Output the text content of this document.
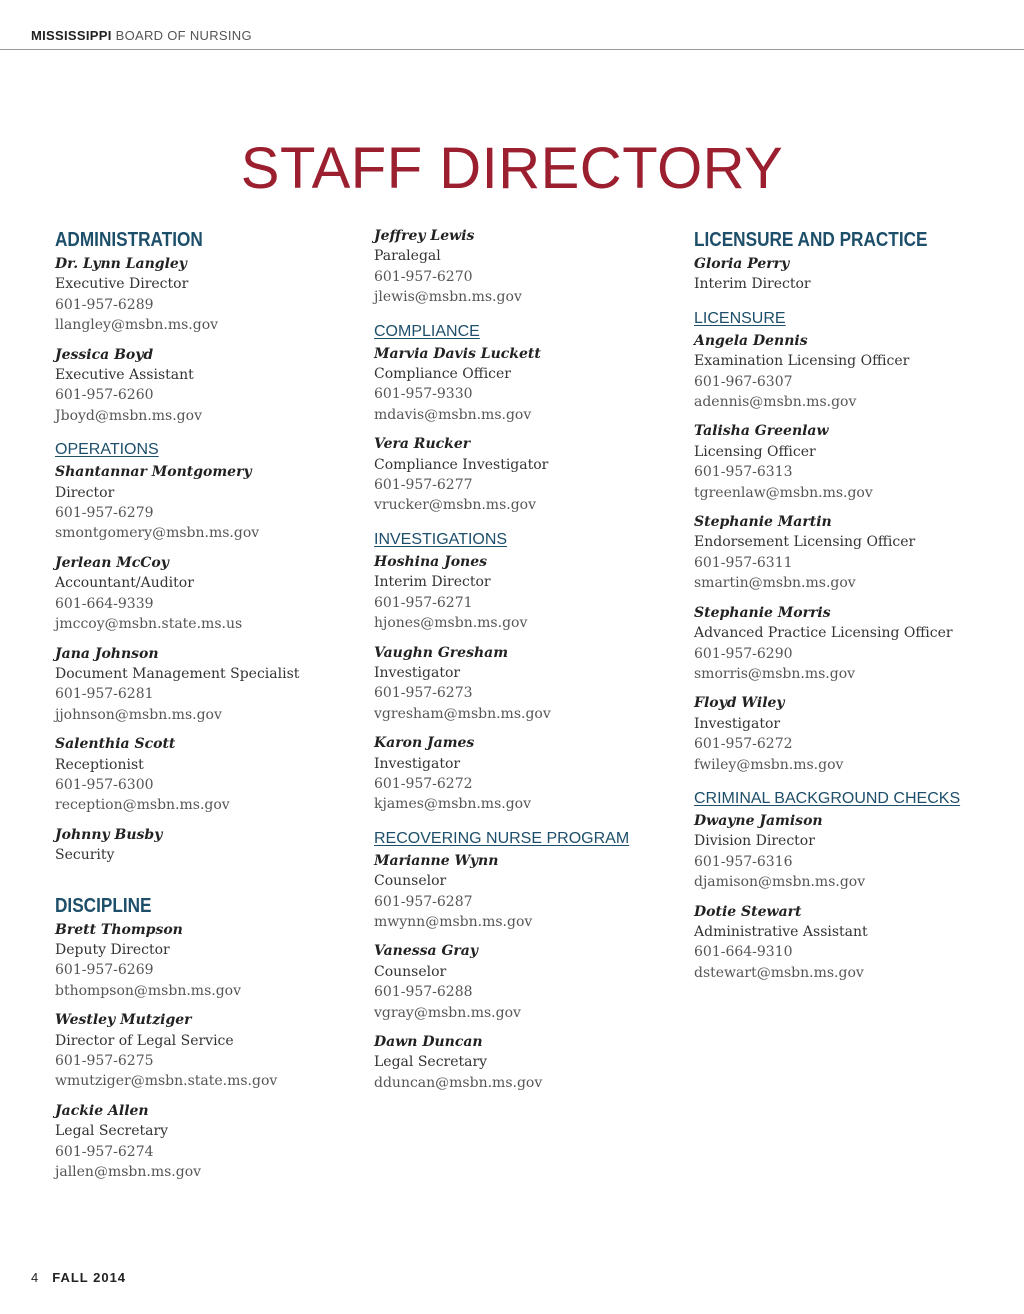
MISSISSIPPI BOARD OF NURSING
STAFF DIRECTORY
ADMINISTRATION
Dr. Lynn Langley
Executive Director
601-957-6289
llangley@msbn.ms.gov
Jessica Boyd
Executive Assistant
601-957-6260
Jboyd@msbn.ms.gov
OPERATIONS
Shantannar Montgomery
Director
601-957-6279
smontgomery@msbn.ms.gov
Jerlean McCoy
Accountant/Auditor
601-664-9339
jmccoy@msbn.state.ms.us
Jana Johnson
Document Management Specialist
601-957-6281
jjohnson@msbn.ms.gov
Salenthia Scott
Receptionist
601-957-6300
reception@msbn.ms.gov
Johnny Busby
Security
DISCIPLINE
Brett Thompson
Deputy Director
601-957-6269
bthompson@msbn.ms.gov
Westley Mutziger
Director of Legal Service
601-957-6275
wmutziger@msbn.state.ms.gov
Jackie Allen
Legal Secretary
601-957-6274
jallen@msbn.ms.gov
Jeffrey Lewis
Paralegal
601-957-6270
jlewis@msbn.ms.gov
COMPLIANCE
Marvia Davis Luckett
Compliance Officer
601-957-9330
mdavis@msbn.ms.gov
Vera Rucker
Compliance Investigator
601-957-6277
vrucker@msbn.ms.gov
INVESTIGATIONS
Hoshina Jones
Interim Director
601-957-6271
hjones@msbn.ms.gov
Vaughn Gresham
Investigator
601-957-6273
vgresham@msbn.ms.gov
Karon James
Investigator
601-957-6272
kjames@msbn.ms.gov
RECOVERING NURSE PROGRAM
Marianne Wynn
Counselor
601-957-6287
mwynn@msbn.ms.gov
Vanessa Gray
Counselor
601-957-6288
vgray@msbn.ms.gov
Dawn Duncan
Legal Secretary
dduncan@msbn.ms.gov
LICENSURE AND PRACTICE
Gloria Perry
Interim Director
LICENSURE
Angela Dennis
Examination Licensing Officer
601-967-6307
adennis@msbn.ms.gov
Talisha Greenlaw
Licensing Officer
601-957-6313
tgreenlaw@msbn.ms.gov
Stephanie Martin
Endorsement Licensing Officer
601-957-6311
smartin@msbn.ms.gov
Stephanie Morris
Advanced Practice Licensing Officer
601-957-6290
smorris@msbn.ms.gov
Floyd Wiley
Investigator
601-957-6272
fwiley@msbn.ms.gov
CRIMINAL BACKGROUND CHECKS
Dwayne Jamison
Division Director
601-957-6316
djamison@msbn.ms.gov
Dotie Stewart
Administrative Assistant
601-664-9310
dstewart@msbn.ms.gov
4 FALL 2014
